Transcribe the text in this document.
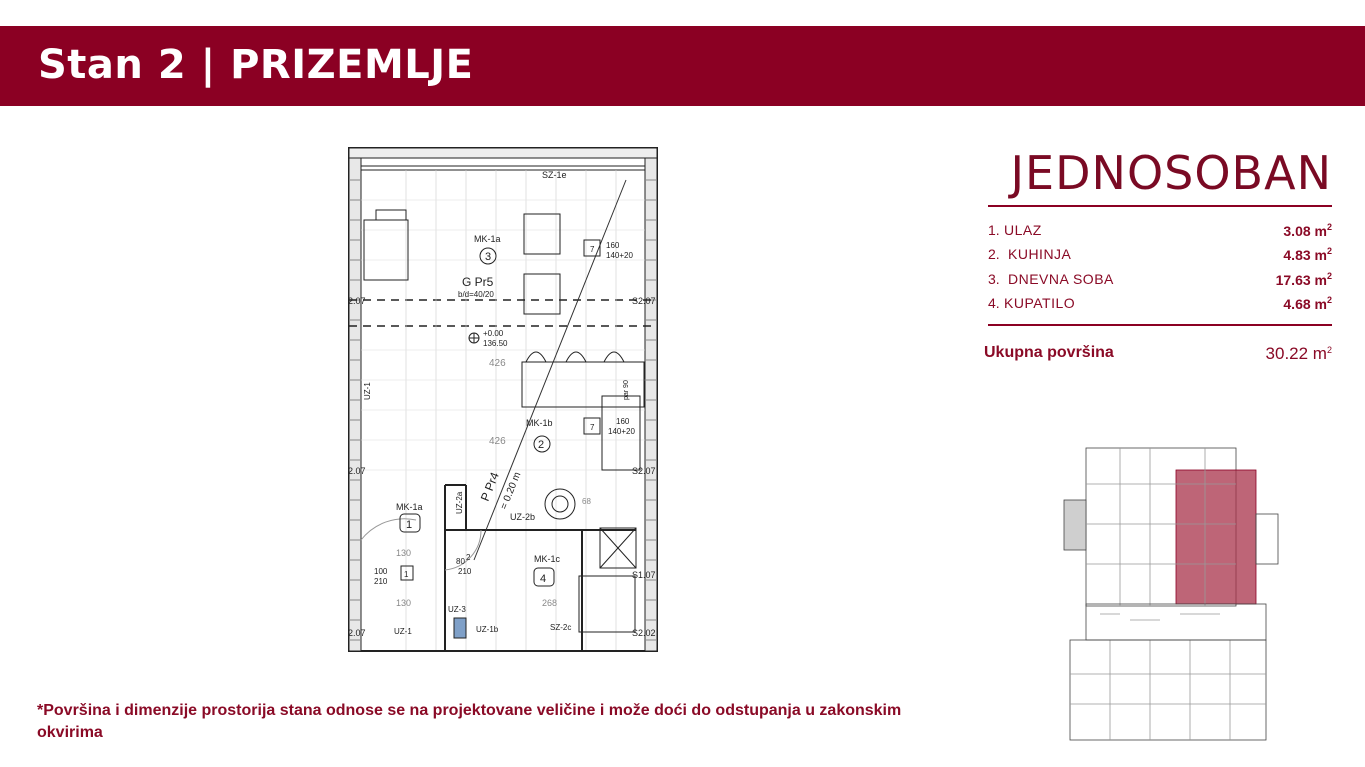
Stan 2 | PRIZEMLJE
SZ-1e
MK-1a
3
G Pr5
b/d=40/20
2.07	S2.07
+0.00
136.50
426
426
160
140+20
7
MK-1b
2
160
140+20
7
S2.07
2.07	P Pr4
= 0.20 m
UZ-2b
68
MK-1a
1
80
210
MK-1c
4
100
210
1
130
130	268
S1.07
UZ-3
UZ-1b	SZ-2c
UZ-1
2.07	S2.02
2
UZ-1
UZ-2a
par 90
JEDNOSOBAN
1. ULAZ	3.08 $m^2$
2. KUHINJA	4.83 $m^2$
3. DNEVNA SOBA	17.63 $m^2$
4. KUPATILO	4.68 $m^2$
Ukupna površina	30.22 $m^2$
*Površina i dimenzije prostorija stana odnose se na projektovane veličine i može doći do odstupanja u zakonskim okvirima
